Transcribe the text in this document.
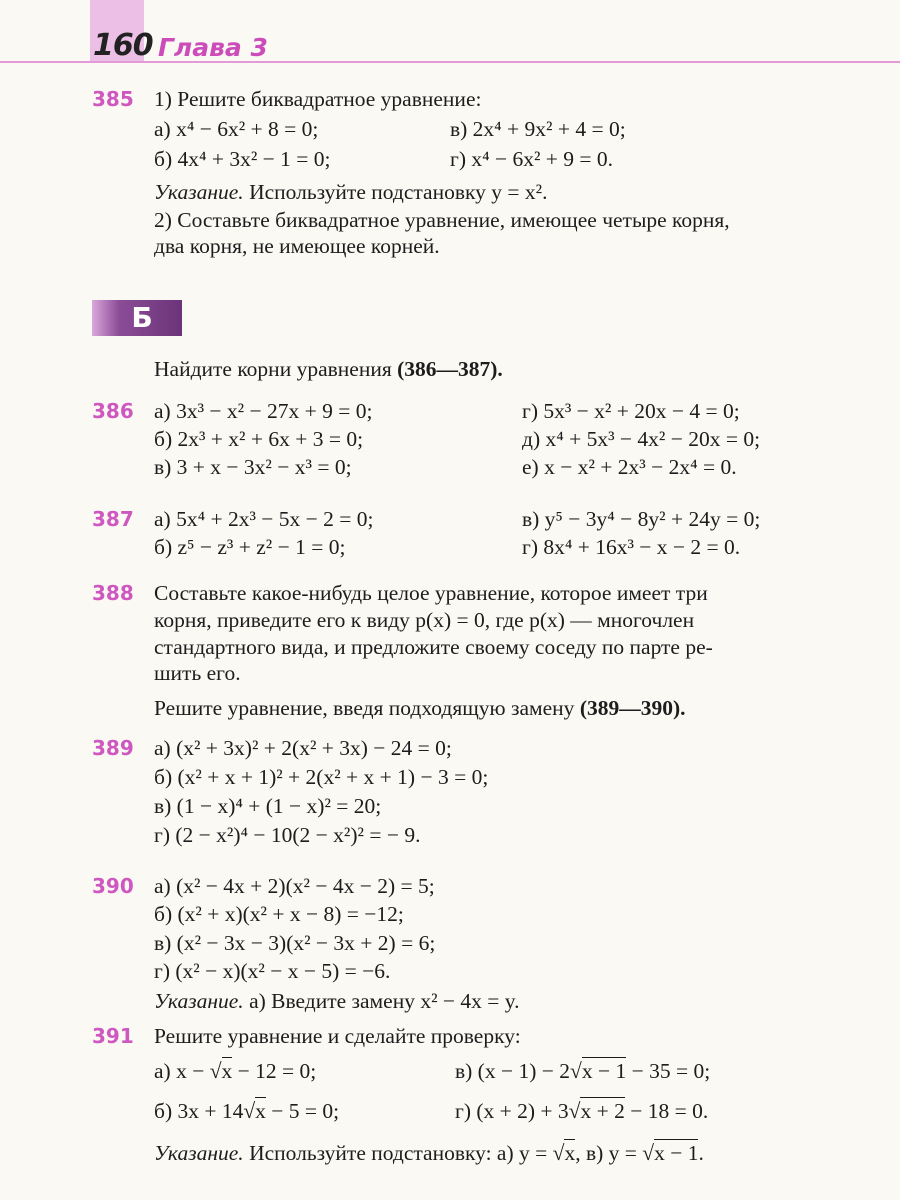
160 Глава 3
385 1) Решите биквадратное уравнение:
а) x⁴ − 6x² + 8 = 0;	в) 2x⁴ + 9x² + 4 = 0;
б) 4x⁴ + 3x² − 1 = 0;	г) x⁴ − 6x² + 9 = 0.
Указание. Используйте подстановку y = x².
2) Составьте биквадратное уравнение, имеющее четыре корня,
два корня, не имеющее корней.
Б
Найдите корни уравнения (386—387).
386 а) 3x³ − x² − 27x + 9 = 0;	г) 5x³ − x² + 20x − 4 = 0;
б) 2x³ + x² + 6x + 3 = 0;	д) x⁴ + 5x³ − 4x² − 20x = 0;
в) 3 + x − 3x² − x³ = 0;	е) x − x² + 2x³ − 2x⁴ = 0.
387 а) 5x⁴ + 2x³ − 5x − 2 = 0;	в) y⁵ − 3y⁴ − 8y² + 24y = 0;
б) z⁵ − z³ + z² − 1 = 0;	г) 8x⁴ + 16x³ − x − 2 = 0.
388 Составьте какое-нибудь целое уравнение, которое имеет три
корня, приведите его к виду p(x) = 0, где p(x) — многочлен
стандартного вида, и предложите своему соседу по парте ре-
шить его.
Решите уравнение, введя подходящую замену (389—390).
389 а) (x² + 3x)² + 2(x² + 3x) − 24 = 0;
б) (x² + x + 1)² + 2(x² + x + 1) − 3 = 0;
в) (1 − x)⁴ + (1 − x)² = 20;
г) (2 − x²)⁴ − 10(2 − x²)² = − 9.
390 а) (x² − 4x + 2)(x² − 4x − 2) = 5;
б) (x² + x)(x² + x − 8) = −12;
в) (x² − 3x − 3)(x² − 3x + 2) = 6;
г) (x² − x)(x² − x − 5) = −6.
Указание. а) Введите замену x² − 4x = y.
391 Решите уравнение и сделайте проверку:
а) x − √x − 12 = 0;	в) (x − 1) − 2√x − 1 − 35 = 0;
б) 3x + 14√x − 5 = 0;	г) (x + 2) + 3√x + 2 − 18 = 0.
Указание. Используйте подстановку: а) y = √x, в) y = √x − 1.
